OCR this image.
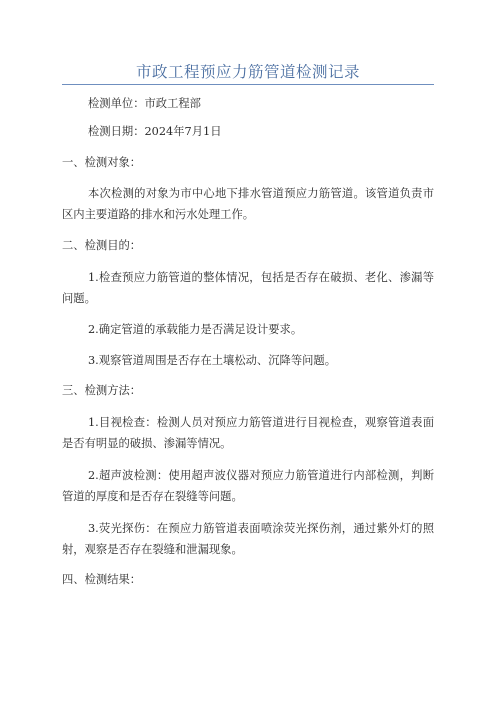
市政工程预应力筋管道检测记录
检测单位：市政工程部
检测日期：2024年7月1日
一、检测对象：
本次检测的对象为市中心地下排水管道预应力筋管道。该管道负责市区内主要道路的排水和污水处理工作。
二、检测目的：
1.检查预应力筋管道的整体情况，包括是否存在破损、老化、渗漏等问题。
2.确定管道的承载能力是否满足设计要求。
3.观察管道周围是否存在土壤松动、沉降等问题。
三、检测方法：
1.目视检查：检测人员对预应力筋管道进行目视检查，观察管道表面是否有明显的破损、渗漏等情况。
2.超声波检测：使用超声波仪器对预应力筋管道进行内部检测，判断管道的厚度和是否存在裂缝等问题。
3.荧光探伤：在预应力筋管道表面喷涂荧光探伤剂，通过紫外灯的照射，观察是否存在裂缝和泄漏现象。
四、检测结果：
